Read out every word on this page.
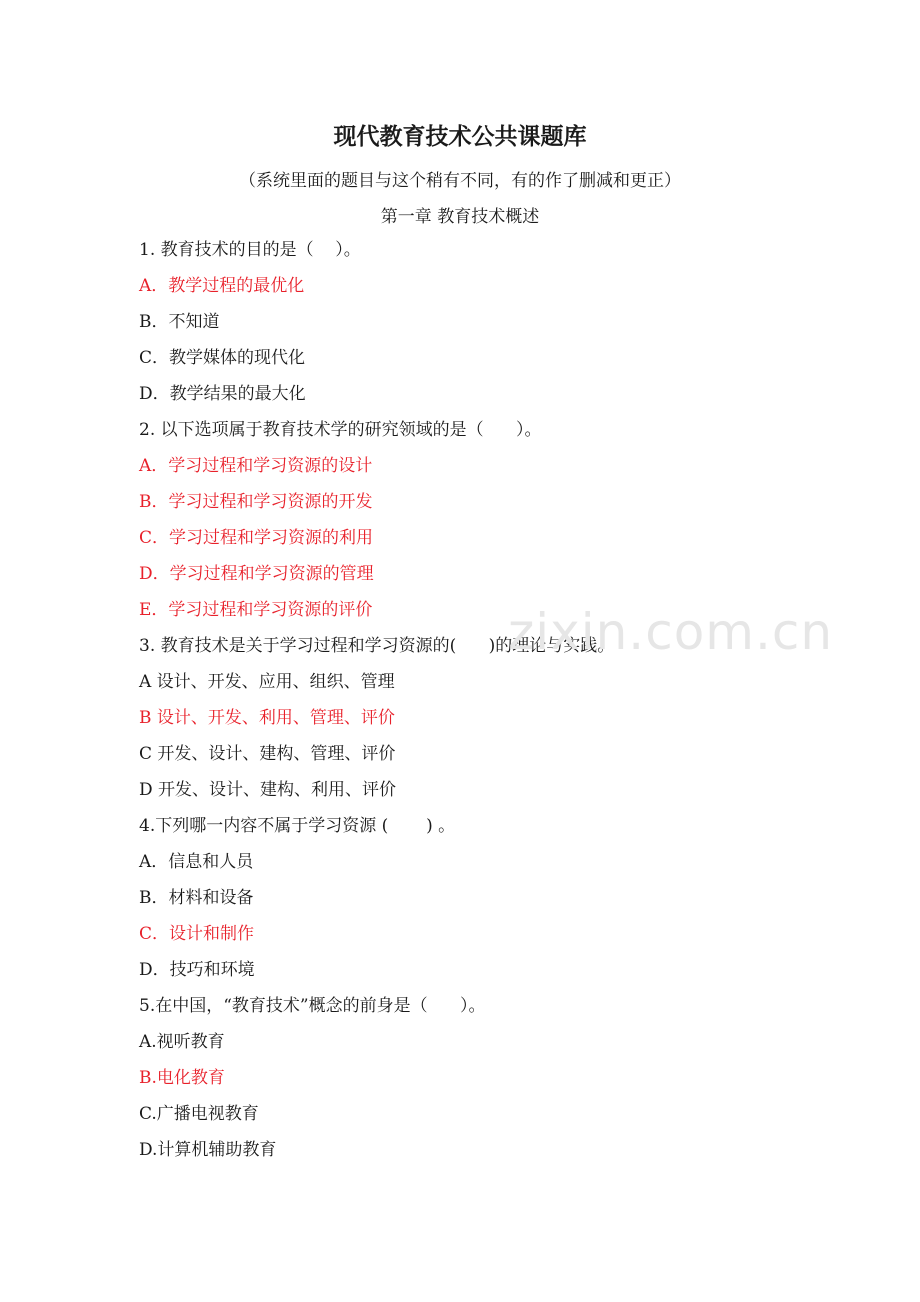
现代教育技术公共课题库

（系统里面的题目与这个稍有不同，有的作了删减和更正）

第一章 教育技术概述

1. 教育技术的目的是（    ）。

A．教学过程的最优化

B．不知道

C．教学媒体的现代化

D．教学结果的最大化

2. 以下选项属于教育技术学的研究领域的是（      ）。

A．学习过程和学习资源的设计

B．学习过程和学习资源的开发

C．学习过程和学习资源的利用

D．学习过程和学习资源的管理

E．学习过程和学习资源的评价

3. 教育技术是关于学习过程和学习资源的(      )的理论与实践。

A 设计、开发、应用、组织、管理

B 设计、开发、利用、管理、评价

C 开发、设计、建构、管理、评价

D 开发、设计、建构、利用、评价

4.下列哪一内容不属于学习资源 (       ) 。

A．信息和人员

B．材料和设备

C．设计和制作

D．技巧和环境

5.在中国，“教育技术”概念的前身是（      ）。

A.视听教育

B.电化教育

C.广播电视教育

D.计算机辅助教育

zixin.com.cn
